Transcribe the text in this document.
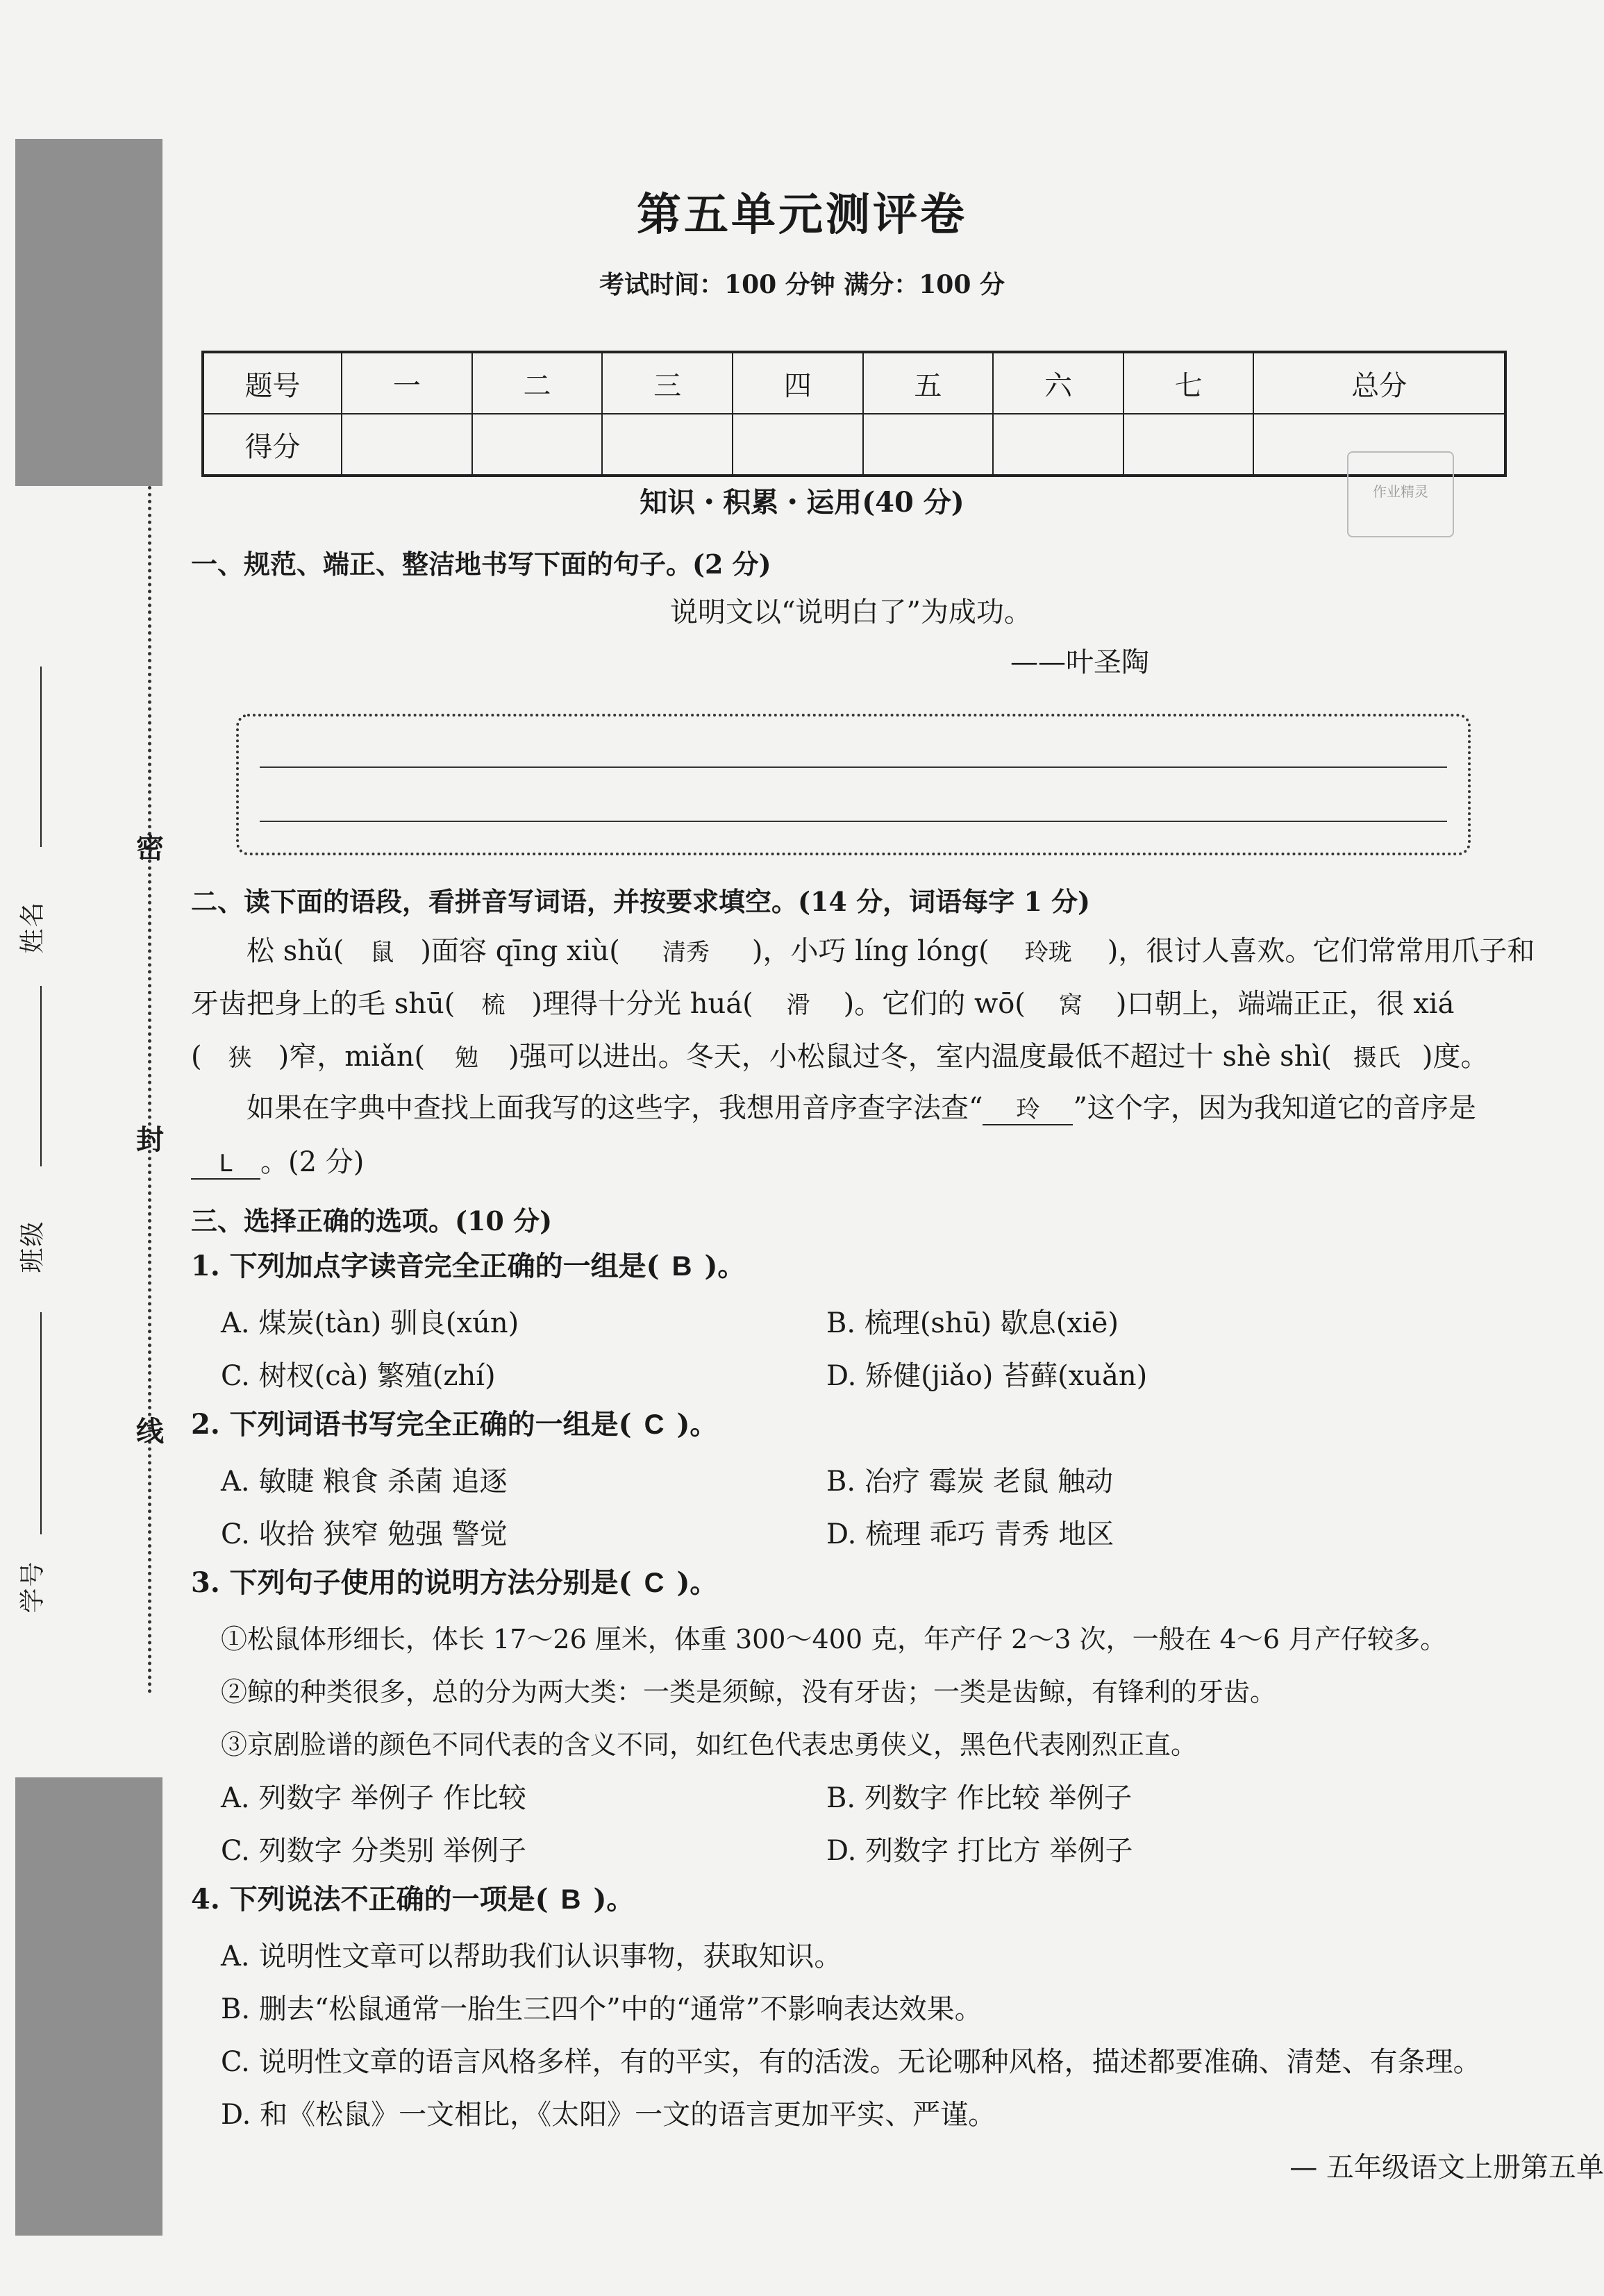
密
封
线
姓名
班级
学号
第五单元测评卷
考试时间：100 分钟 满分：100 分
题号	一	二	三	四	五	六	七	总分
得分								
作业精灵
知识・积累・运用(40 分)
一、规范、端正、整洁地书写下面的句子。(2 分)
说明文以“说明白了”为成功。
——叶圣陶
二、读下面的语段，看拼音写词语，并按要求填空。(14 分，词语每字 1 分)
松 shǔ( 鼠 )面容 qīng xiù( 清秀 )，小巧 líng lóng( 玲珑 )，很讨人喜欢。它们常常用爪子和
牙齿把身上的毛 shū( 梳 )理得十分光 huá( 滑 )。它们的 wō( 窝 )口朝上，端端正正，很 xiá
( 狭 )窄，miǎn( 勉 )强可以进出。冬天，小松鼠过冬，室内温度最低不超过十 shè shì( 摄氏 )度。
如果在字典中查找上面我写的这些字，我想用音序查字法查“ 玲 ”这个字，因为我知道它的音序是
L 。(2 分)
三、选择正确的选项。(10 分)
1. 下列加点字读音完全正确的一组是( B )。
A. 煤炭(tàn) 驯良(xún)	B. 梳理(shū) 歇息(xiē)
C. 树杈(cà) 繁殖(zhí)	D. 矫健(jiǎo) 苔藓(xuǎn)
2. 下列词语书写完全正确的一组是( C )。
A. 敏睫 粮食 杀菌 追逐	B. 冶疗 霉炭 老鼠 触动
C. 收拾 狭窄 勉强 警觉	D. 梳理 乖巧 青秀 地区
3. 下列句子使用的说明方法分别是( C )。
①松鼠体形细长，体长 17～26 厘米，体重 300～400 克，年产仔 2～3 次，一般在 4～6 月产仔较多。
②鲸的种类很多，总的分为两大类：一类是须鲸，没有牙齿；一类是齿鲸，有锋利的牙齿。
③京剧脸谱的颜色不同代表的含义不同，如红色代表忠勇侠义，黑色代表刚烈正直。
A. 列数字 举例子 作比较	B. 列数字 作比较 举例子
C. 列数字 分类别 举例子	D. 列数字 打比方 举例子
4. 下列说法不正确的一项是( B )。
A. 说明性文章可以帮助我们认识事物，获取知识。
B. 删去“松鼠通常一胎生三四个”中的“通常”不影响表达效果。
C. 说明性文章的语言风格多样，有的平实，有的活泼。无论哪种风格，描述都要准确、清楚、有条理。
D. 和《松鼠》一文相比，《太阳》一文的语言更加平实、严谨。
— 五年级语文上册第五单
